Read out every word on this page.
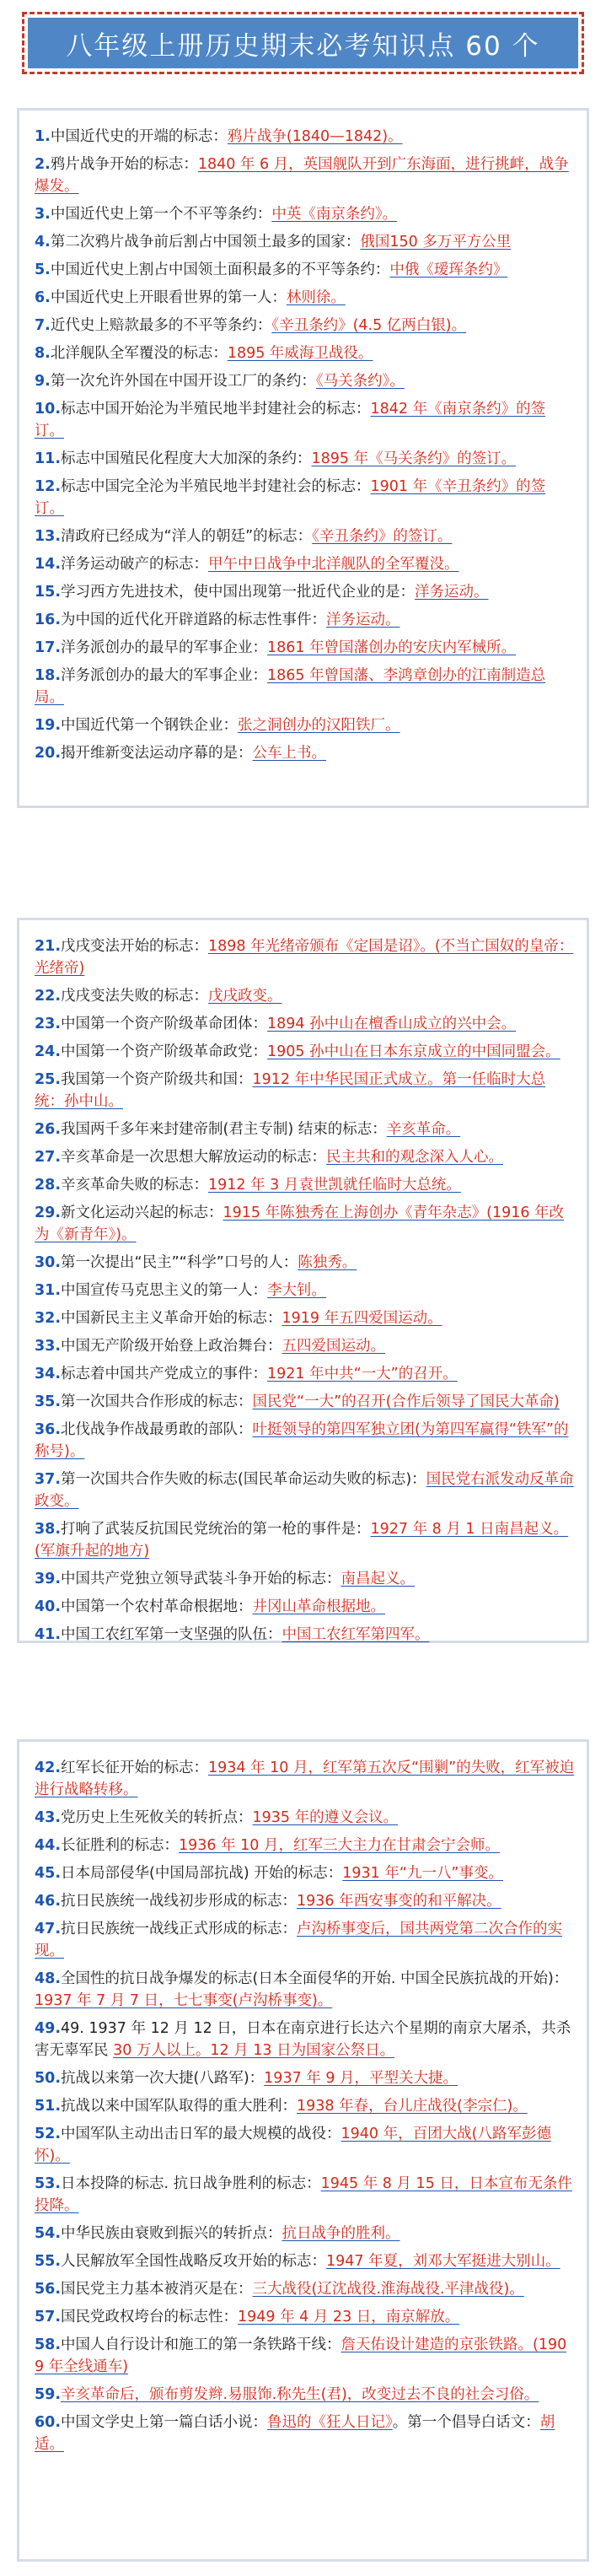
八年级上册历史期末必考知识点 60 个
1.中国近代史的开端的标志：鸦片战争(1840—1842)。
2.鸦片战争开始的标志：1840 年 6 月，英国舰队开到广东海面，进行挑衅，战争爆发。
3.中国近代史上第一个不平等条约：中英《南京条约》。
4.第二次鸦片战争前后割占中国领土最多的国家：俄国150 多万平方公里
5.中国近代史上割占中国领土面积最多的不平等条约：中俄《瑷珲条约》
6.中国近代史上开眼看世界的第一人：林则徐。
7.近代史上赔款最多的不平等条约：《辛丑条约》(4.5 亿两白银)。
8.北洋舰队全军覆没的标志：1895 年威海卫战役。
9.第一次允许外国在中国开设工厂的条约：《马关条约》。
10.标志中国开始沦为半殖民地半封建社会的标志：1842 年《南京条约》的签订。
11.标志中国殖民化程度大大加深的条约：1895 年《马关条约》的签订。
12.标志中国完全沦为半殖民地半封建社会的标志：1901 年《辛丑条约》的签订。
13.清政府已经成为“洋人的朝廷”的标志：《辛丑条约》的签订。
14.洋务运动破产的标志：甲午中日战争中北洋舰队的全军覆没。
15.学习西方先进技术，使中国出现第一批近代企业的是：洋务运动。
16.为中国的近代化开辟道路的标志性事件：洋务运动。
17.洋务派创办的最早的军事企业：1861 年曾国藩创办的安庆内军械所。
18.洋务派创办的最大的军事企业：1865 年曾国藩、李鸿章创办的江南制造总局。
19.中国近代第一个钢铁企业：张之洞创办的汉阳铁厂。
20.揭开维新变法运动序幕的是：公车上书。
21.戊戌变法开始的标志：1898 年光绪帝颁布《定国是诏》。(不当亡国奴的皇帝：光绪帝)
22.戊戌变法失败的标志：戊戌政变。
23.中国第一个资产阶级革命团体：1894 孙中山在檀香山成立的兴中会。
24.中国第一个资产阶级革命政党：1905 孙中山在日本东京成立的中国同盟会。
25.我国第一个资产阶级共和国：1912 年中华民国正式成立。第一任临时大总统：孙中山。
26.我国两千多年来封建帝制(君主专制) 结束的标志：辛亥革命。
27.辛亥革命是一次思想大解放运动的标志：民主共和的观念深入人心。
28.辛亥革命失败的标志：1912 年 3 月袁世凯就任临时大总统。
29.新文化运动兴起的标志：1915 年陈独秀在上海创办《青年杂志》(1916 年改为《新青年》)。
30.第一次提出“民主”“科学”口号的人：陈独秀。
31.中国宣传马克思主义的第一人：李大钊。
32.中国新民主主义革命开始的标志：1919 年五四爱国运动。
33.中国无产阶级开始登上政治舞台：五四爱国运动。
34.标志着中国共产党成立的事件：1921 年中共“一大”的召开。
35.第一次国共合作形成的标志：国民党“一大”的召开(合作后领导了国民大革命)
36.北伐战争作战最勇敢的部队：叶挺领导的第四军独立团(为第四军赢得“铁军”的称号)。
37.第一次国共合作失败的标志(国民革命运动失败的标志)：国民党右派发动反革命政变。
38.打响了武装反抗国民党统治的第一枪的事件是：1927 年 8 月 1 日南昌起义。(军旗升起的地方)
39.中国共产党独立领导武装斗争开始的标志：南昌起义。
40.中国第一个农村革命根据地：井冈山革命根据地。
41.中国工农红军第一支坚强的队伍：中国工农红军第四军。
42.红军长征开始的标志：1934 年 10 月，红军第五次反“围剿”的失败，红军被迫进行战略转移。
43.党历史上生死攸关的转折点：1935 年的遵义会议。
44.长征胜利的标志：1936 年 10 月，红军三大主力在甘肃会宁会师。
45.日本局部侵华(中国局部抗战) 开始的标志：1931 年“九一八”事变。
46.抗日民族统一战线初步形成的标志：1936 年西安事变的和平解决。
47.抗日民族统一战线正式形成的标志：卢沟桥事变后，国共两党第二次合作的实现。
48.全国性的抗日战争爆发的标志(日本全面侵华的开始. 中国全民族抗战的开始)：1937 年 7 月 7 日，七七事变(卢沟桥事变)。
49.49. 1937 年 12 月 12 日，日本在南京进行长达六个星期的南京大屠杀，共杀害无辜军民 30 万人以上。12 月 13 日为国家公祭日。
50.抗战以来第一次大捷(八路军)：1937 年 9 月，平型关大捷。
51.抗战以来中国军队取得的重大胜利：1938 年春，台儿庄战役(李宗仁)。
52.中国军队主动出击日军的最大规模的战役：1940 年，百团大战(八路军彭德怀)。
53.日本投降的标志. 抗日战争胜利的标志：1945 年 8 月 15 日，日本宣布无条件投降。
54.中华民族由衰败到振兴的转折点：抗日战争的胜利。
55.人民解放军全国性战略反攻开始的标志：1947 年夏，刘邓大军挺进大别山。
56.国民党主力基本被消灭是在：三大战役(辽沈战役.淮海战役.平津战役)。
57.国民党政权垮台的标志性：1949 年 4 月 23 日，南京解放。
58.中国人自行设计和施工的第一条铁路干线：詹天佑设计建造的京张铁路。(1909 年全线通车)
59.辛亥革命后，颁布剪发辫.易服饰.称先生(君)，改变过去不良的社会习俗。
60.中国文学史上第一篇白话小说：鲁迅的《狂人日记》。第一个倡导白话文：胡适。
